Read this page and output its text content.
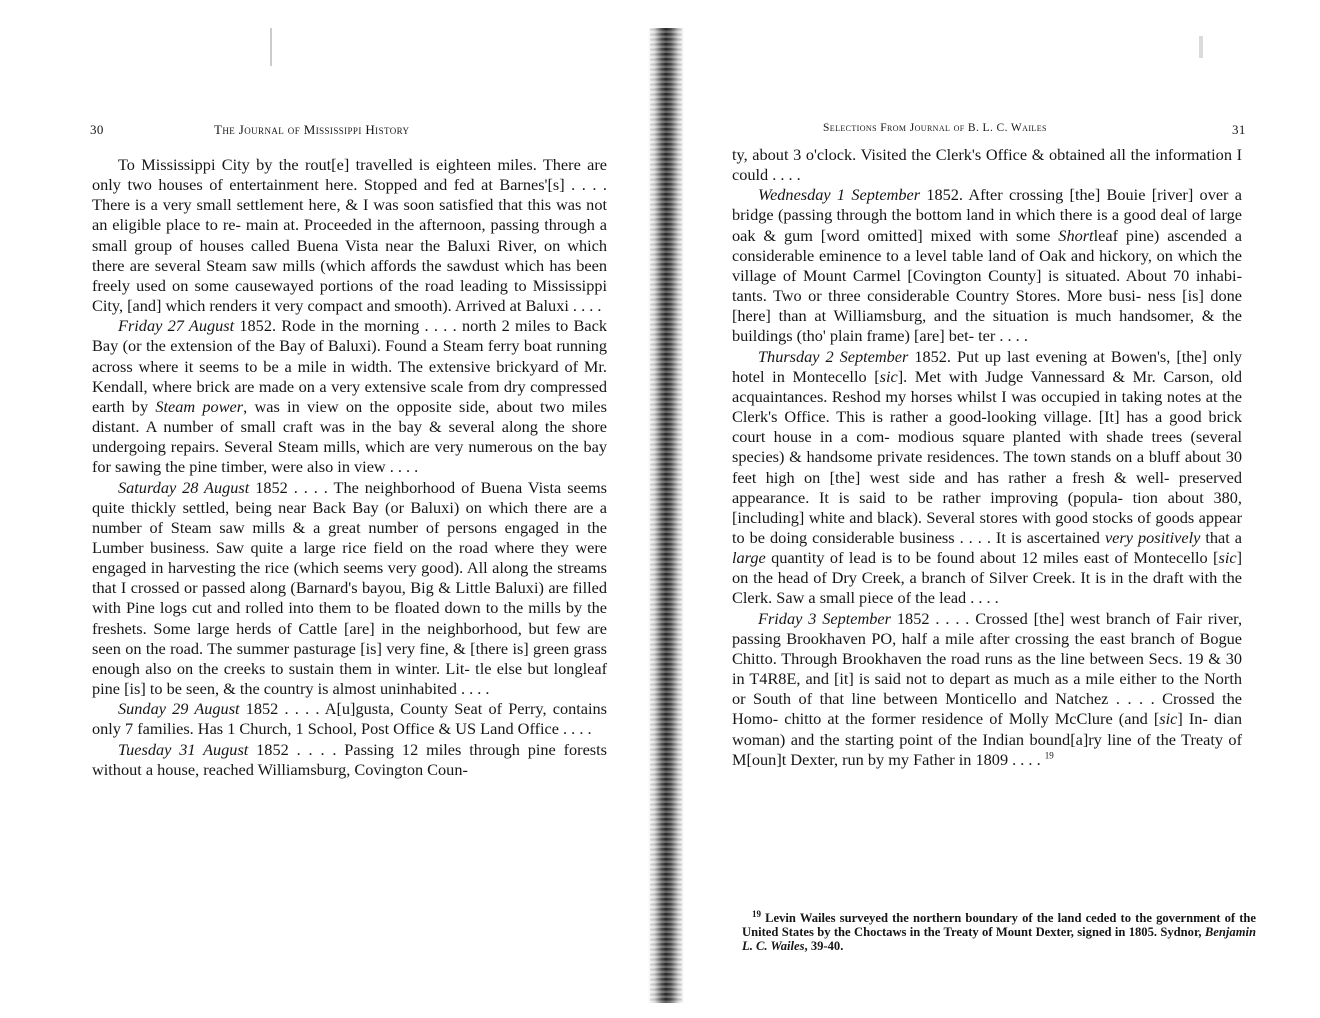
30	The Journal of Mississippi History

To Mississippi City by the rout[e] travelled is eighteen miles. There are only two houses of entertainment here. Stopped and fed at Barnes'[s] . . . . There is a very small settlement here, & I was soon satisfied that this was not an eligible place to re- main at. Proceeded in the afternoon, passing through a small group of houses called Buena Vista near the Baluxi River, on which there are several Steam saw mills (which affords the sawdust which has been freely used on some causewayed portions of the road leading to Mississippi City, [and] which renders it very compact and smooth). Arrived at Baluxi . . . .

Friday 27 August 1852. Rode in the morning . . . . north 2 miles to Back Bay (or the extension of the Bay of Baluxi). Found a Steam ferry boat running across where it seems to be a mile in width. The extensive brickyard of Mr. Kendall, where brick are made on a very extensive scale from dry compressed earth by Steam power, was in view on the opposite side, about two miles distant. A number of small craft was in the bay & several along the shore undergoing repairs. Several Steam mills, which are very numerous on the bay for sawing the pine timber, were also in view . . . .

Saturday 28 August 1852 . . . . The neighborhood of Buena Vista seems quite thickly settled, being near Back Bay (or Baluxi) on which there are a number of Steam saw mills & a great number of persons engaged in the Lumber business. Saw quite a large rice field on the road where they were engaged in harvesting the rice (which seems very good). All along the streams that I crossed or passed along (Barnard's bayou, Big & Little Baluxi) are filled with Pine logs cut and rolled into them to be floated down to the mills by the freshets. Some large herds of Cattle [are] in the neighborhood, but few are seen on the road. The summer pasturage [is] very fine, & [there is] green grass enough also on the creeks to sustain them in winter. Lit- tle else but longleaf pine [is] to be seen, & the country is almost uninhabited . . . .

Sunday 29 August 1852 . . . . A[u]gusta, County Seat of Perry, contains only 7 families. Has 1 Church, 1 School, Post Office & US Land Office . . . .

Tuesday 31 August 1852 . . . . Passing 12 miles through pine forests without a house, reached Williamsburg, Covington Coun-

Selections From Journal of B. L. C. Wailes	31

ty, about 3 o'clock. Visited the Clerk's Office & obtained all the information I could . . . .

Wednesday 1 September 1852. After crossing [the] Bouie [river] over a bridge (passing through the bottom land in which there is a good deal of large oak & gum [word omitted] mixed with some Shortleaf pine) ascended a considerable eminence to a level table land of Oak and hickory, on which the village of Mount Carmel [Covington County] is situated. About 70 inhabi- tants. Two or three considerable Country Stores. More busi- ness [is] done [here] than at Williamsburg, and the situation is much handsomer, & the buildings (tho' plain frame) [are] bet- ter . . . .

Thursday 2 September 1852. Put up last evening at Bowen's, [the] only hotel in Montecello [sic]. Met with Judge Vannessard & Mr. Carson, old acquaintances. Reshod my horses whilst I was occupied in taking notes at the Clerk's Office. This is rather a good-looking village. [It] has a good brick court house in a com- modious square planted with shade trees (several species) & handsome private residences. The town stands on a bluff about 30 feet high on [the] west side and has rather a fresh & well- preserved appearance. It is said to be rather improving (popula- tion about 380, [including] white and black). Several stores with good stocks of goods appear to be doing considerable business . . . . It is ascertained very positively that a large quantity of lead is to be found about 12 miles east of Montecello [sic] on the head of Dry Creek, a branch of Silver Creek. It is in the draft with the Clerk. Saw a small piece of the lead . . . .

Friday 3 September 1852 . . . . Crossed [the] west branch of Fair river, passing Brookhaven PO, half a mile after crossing the east branch of Bogue Chitto. Through Brookhaven the road runs as the line between Secs. 19 & 30 in T4R8E, and [it] is said not to depart as much as a mile either to the North or South of that line between Monticello and Natchez . . . . Crossed the Homo- chitto at the former residence of Molly McClure (and [sic] In- dian woman) and the starting point of the Indian bound[a]ry line of the Treaty of M[oun]t Dexter, run by my Father in 1809 . . . . $^{19}$

$^{19}$ Levin Wailes surveyed the northern boundary of the land ceded to the government of the United States by the Choctaws in the Treaty of Mount Dexter, signed in 1805. Sydnor, Benjamin L. C. Wailes, 39-40.
